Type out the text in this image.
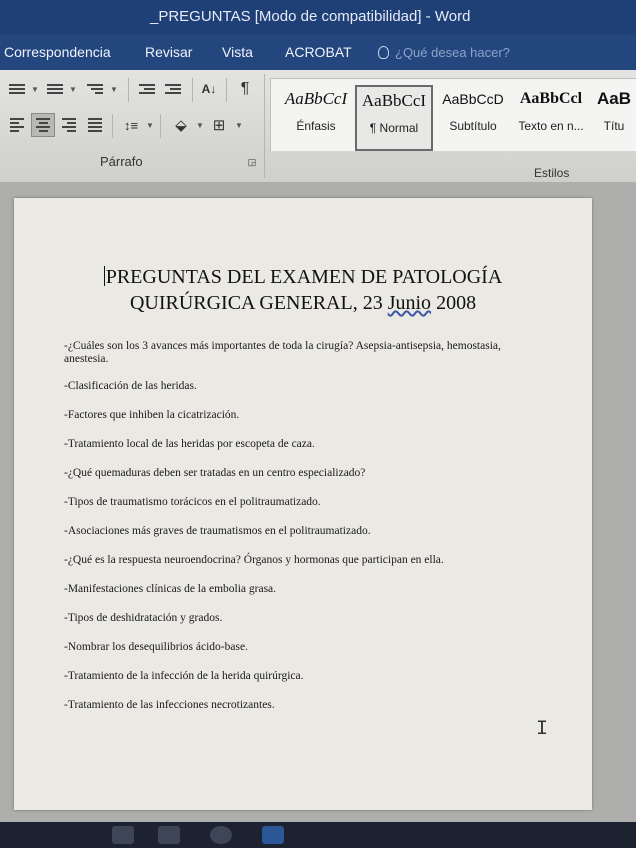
_PREGUNTAS [Modo de compatibilidad] - Word
Correspondencia Revisar Vista ACROBAT	¿Qué desea hacer?
▼	▼	▼	A↓	¶
↕≡ ▼	⬙	▼ ⊞	▼
Párrafo	◲
AaBbCcI
Énfasis
AaBbCcI
¶ Normal
AaBbCcD
Subtítulo
AaBbCcl
Texto en n...
AaB
Títu
Estilos
PREGUNTAS DEL EXAMEN DE PATOLOGÍA
QUIRÚRGICA GENERAL, 23 Junio 2008
-¿Cuáles son los 3 avances más importantes de toda la cirugía? Asepsia-antisepsia, hemostasia, anestesia.
-Clasificación de las heridas.
-Factores que inhiben la cicatrización.
-Tratamiento local de las heridas por escopeta de caza.
-¿Qué quemaduras deben ser tratadas en un centro especializado?
-Tipos de traumatismo torácicos en el politraumatizado.
-Asociaciones más graves de traumatismos en el politraumatizado.
-¿Qué es la respuesta neuroendocrina? Órganos y hormonas que participan en ella.
-Manifestaciones clínicas de la embolia grasa.
-Tipos de deshidratación y grados.
-Nombrar los desequilibrios ácido-base.
-Tratamiento de la infección de la herida quirúrgica.
-Tratamiento de las infecciones necrotizantes.
I
